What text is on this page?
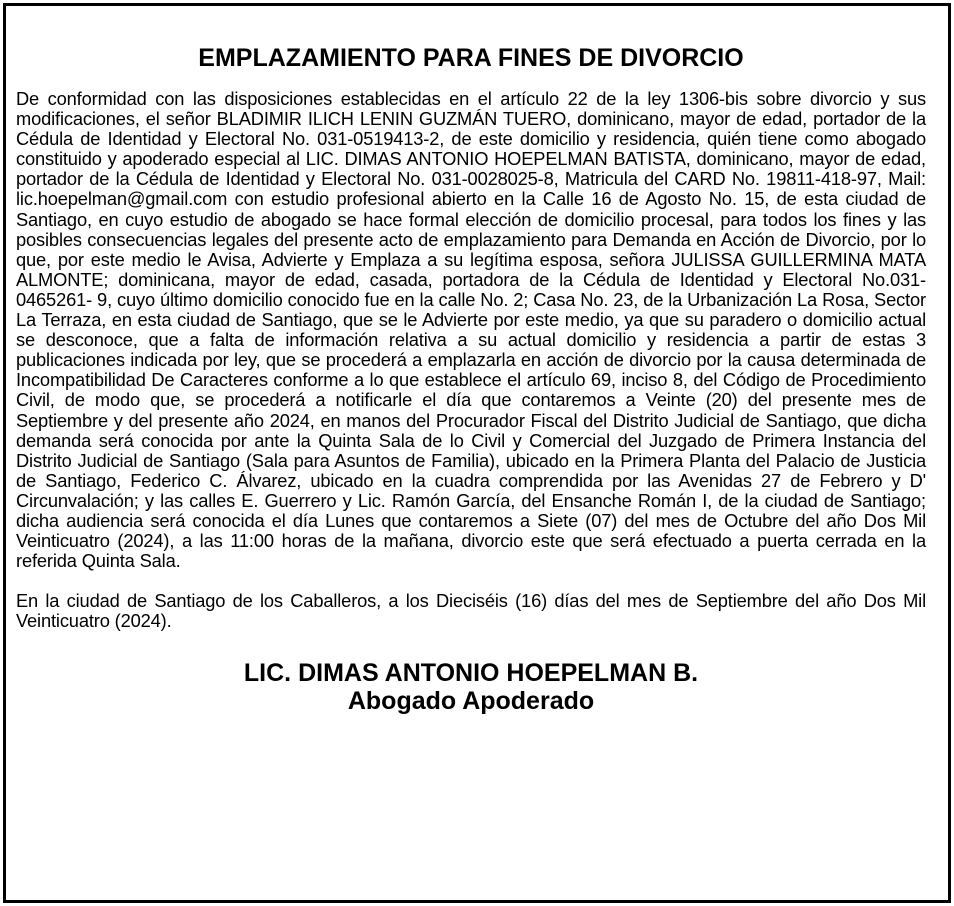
EMPLAZAMIENTO PARA FINES DE DIVORCIO

De conformidad con las disposiciones establecidas en el artículo 22 de la ley 1306-bis sobre divorcio y sus modificaciones, el señor BLADIMIR ILICH LENIN GUZMÁN TUERO, dominicano, mayor de edad, portador de la Cédula de Identidad y Electoral No. 031-0519413-2, de este domicilio y residencia, quién tiene como abogado constituido y apoderado especial al LIC. DIMAS ANTONIO HOEPELMAN BATISTA, dominicano, mayor de edad, portador de la Cédula de Identidad y Electoral No. 031-0028025-8, Matricula del CARD No. 19811-418-97, Mail: lic.hoepelman@gmail.com con estudio profesional abierto en la Calle 16 de Agosto No. 15, de esta ciudad de Santiago, en cuyo estudio de abogado se hace formal elección de domicilio procesal, para todos los fines y las posibles consecuencias legales del presente acto de emplazamiento para Demanda en Acción de Divorcio, por lo que, por este medio le Avisa, Advierte y Emplaza a su legítima esposa, señora JULISSA GUILLERMINA MATA ALMONTE; dominicana, mayor de edad, casada, portadora de la Cédula de Identidad y Electoral No.031-0465261- 9, cuyo último domicilio conocido fue en la calle No. 2; Casa No. 23, de la Urbanización La Rosa, Sector La Terraza, en esta ciudad de Santiago, que se le Advierte por este medio, ya que su paradero o domicilio actual se desconoce, que a falta de información relativa a su actual domicilio y residencia a partir de estas 3 publicaciones indicada por ley, que se procederá a emplazarla en acción de divorcio por la causa determinada de Incompatibilidad De Caracteres conforme a lo que establece el artículo 69, inciso 8, del Código de Procedimiento Civil, de modo que, se procederá a notificarle el día que contaremos a Veinte (20) del presente mes de Septiembre y del presente año 2024, en manos del Procurador Fiscal del Distrito Judicial de Santiago, que dicha demanda será conocida por ante la Quinta Sala de lo Civil y Comercial del Juzgado de Primera Instancia del Distrito Judicial de Santiago (Sala para Asuntos de Familia), ubicado en la Primera Planta del Palacio de Justicia de Santiago, Federico C. Álvarez, ubicado en la cuadra comprendida por las Avenidas 27 de Febrero y D' Circunvalación; y las calles E. Guerrero y Lic. Ramón García, del Ensanche Román I, de la ciudad de Santiago; dicha audiencia será conocida el día Lunes que contaremos a Siete (07) del mes de Octubre del año Dos Mil Veinticuatro (2024), a las 11:00 horas de la mañana, divorcio este que será efectuado a puerta cerrada en la referida Quinta Sala.

En la ciudad de Santiago de los Caballeros, a los Dieciséis (16) días del mes de Septiembre del año Dos Mil Veinticuatro (2024).

LIC. DIMAS ANTONIO HOEPELMAN B.
Abogado Apoderado
